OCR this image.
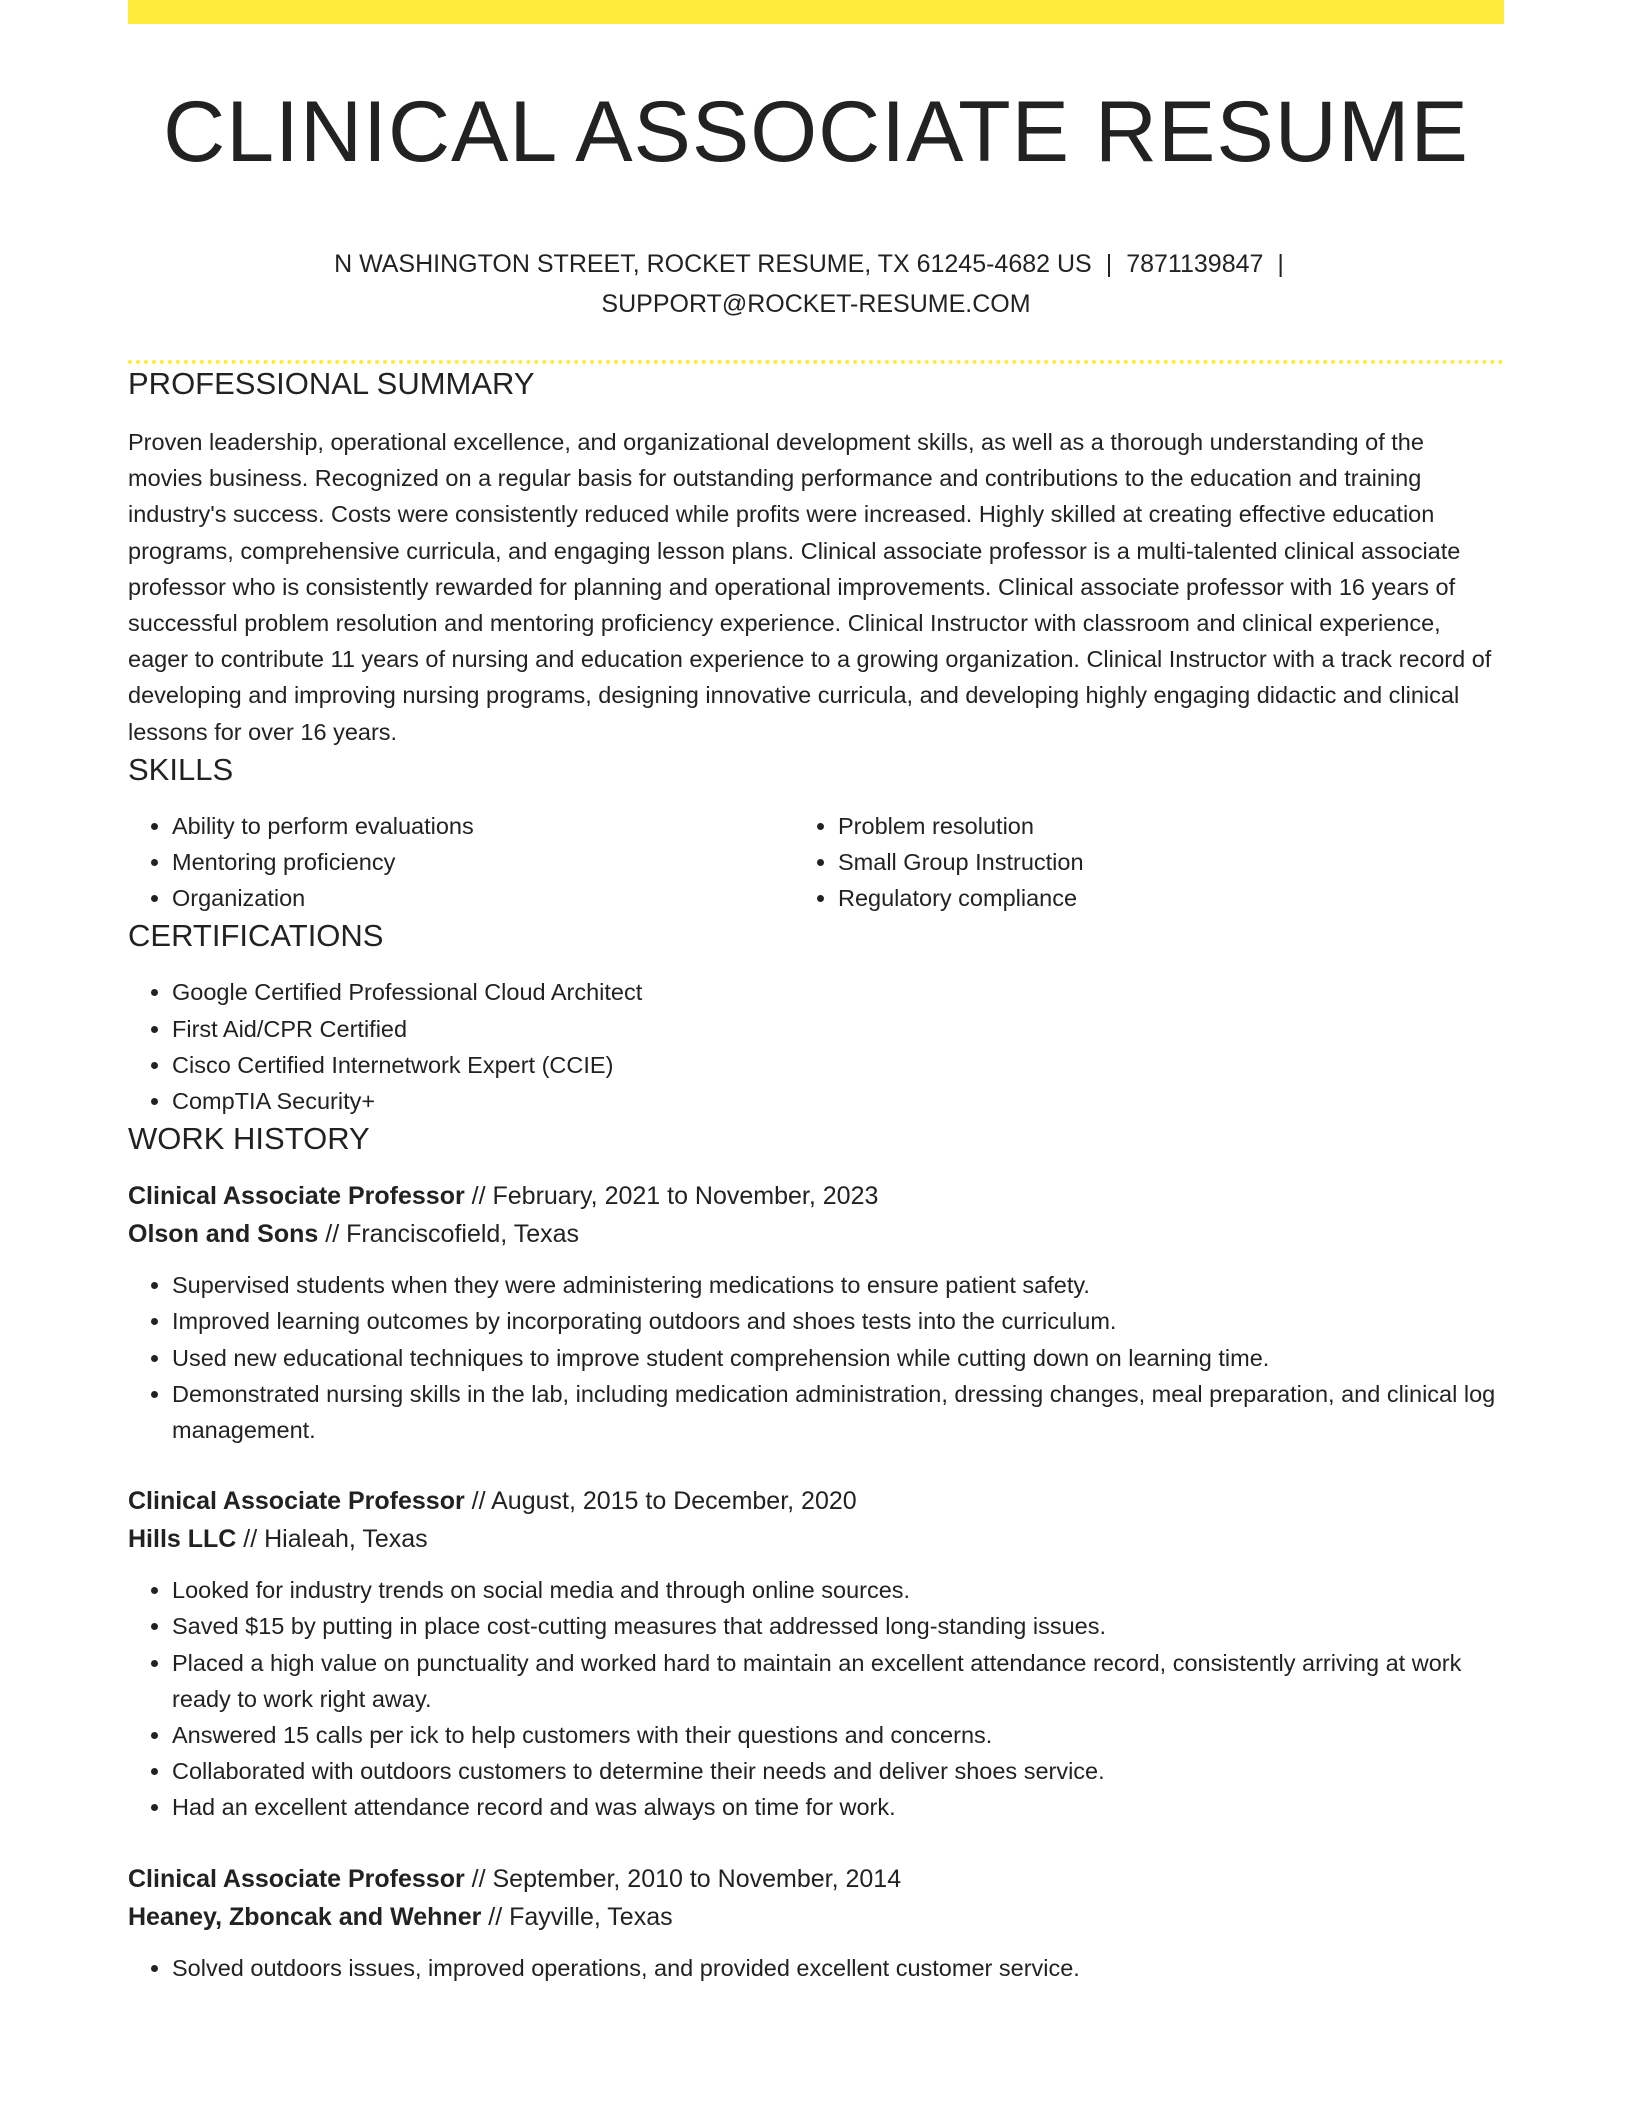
CLINICAL ASSOCIATE RESUME
N WASHINGTON STREET, ROCKET RESUME, TX 61245-4682 US | 7871139847 |
SUPPORT@ROCKET-RESUME.COM
PROFESSIONAL SUMMARY
Proven leadership, operational excellence, and organizational development skills, as well as a thorough understanding of the movies business. Recognized on a regular basis for outstanding performance and contributions to the education and training industry's success. Costs were consistently reduced while profits were increased. Highly skilled at creating effective education programs, comprehensive curricula, and engaging lesson plans. Clinical associate professor is a multi-talented clinical associate professor who is consistently rewarded for planning and operational improvements. Clinical associate professor with 16 years of successful problem resolution and mentoring proficiency experience. Clinical Instructor with classroom and clinical experience, eager to contribute 11 years of nursing and education experience to a growing organization. Clinical Instructor with a track record of developing and improving nursing programs, designing innovative curricula, and developing highly engaging didactic and clinical lessons for over 16 years.
SKILLS
• Ability to perform evaluations
• Mentoring proficiency
• Organization
• Problem resolution
• Small Group Instruction
• Regulatory compliance
CERTIFICATIONS
• Google Certified Professional Cloud Architect
• First Aid/CPR Certified
• Cisco Certified Internetwork Expert (CCIE)
• CompTIA Security+
WORK HISTORY
Clinical Associate Professor // February, 2021 to November, 2023
Olson and Sons // Franciscofield, Texas
• Supervised students when they were administering medications to ensure patient safety.
• Improved learning outcomes by incorporating outdoors and shoes tests into the curriculum.
• Used new educational techniques to improve student comprehension while cutting down on learning time.
• Demonstrated nursing skills in the lab, including medication administration, dressing changes, meal preparation, and clinical log management.
Clinical Associate Professor // August, 2015 to December, 2020
Hills LLC // Hialeah, Texas
• Looked for industry trends on social media and through online sources.
• Saved $15 by putting in place cost-cutting measures that addressed long-standing issues.
• Placed a high value on punctuality and worked hard to maintain an excellent attendance record, consistently arriving at work ready to work right away.
• Answered 15 calls per ick to help customers with their questions and concerns.
• Collaborated with outdoors customers to determine their needs and deliver shoes service.
• Had an excellent attendance record and was always on time for work.
Clinical Associate Professor // September, 2010 to November, 2014
Heaney, Zboncak and Wehner // Fayville, Texas
• Solved outdoors issues, improved operations, and provided excellent customer service.
